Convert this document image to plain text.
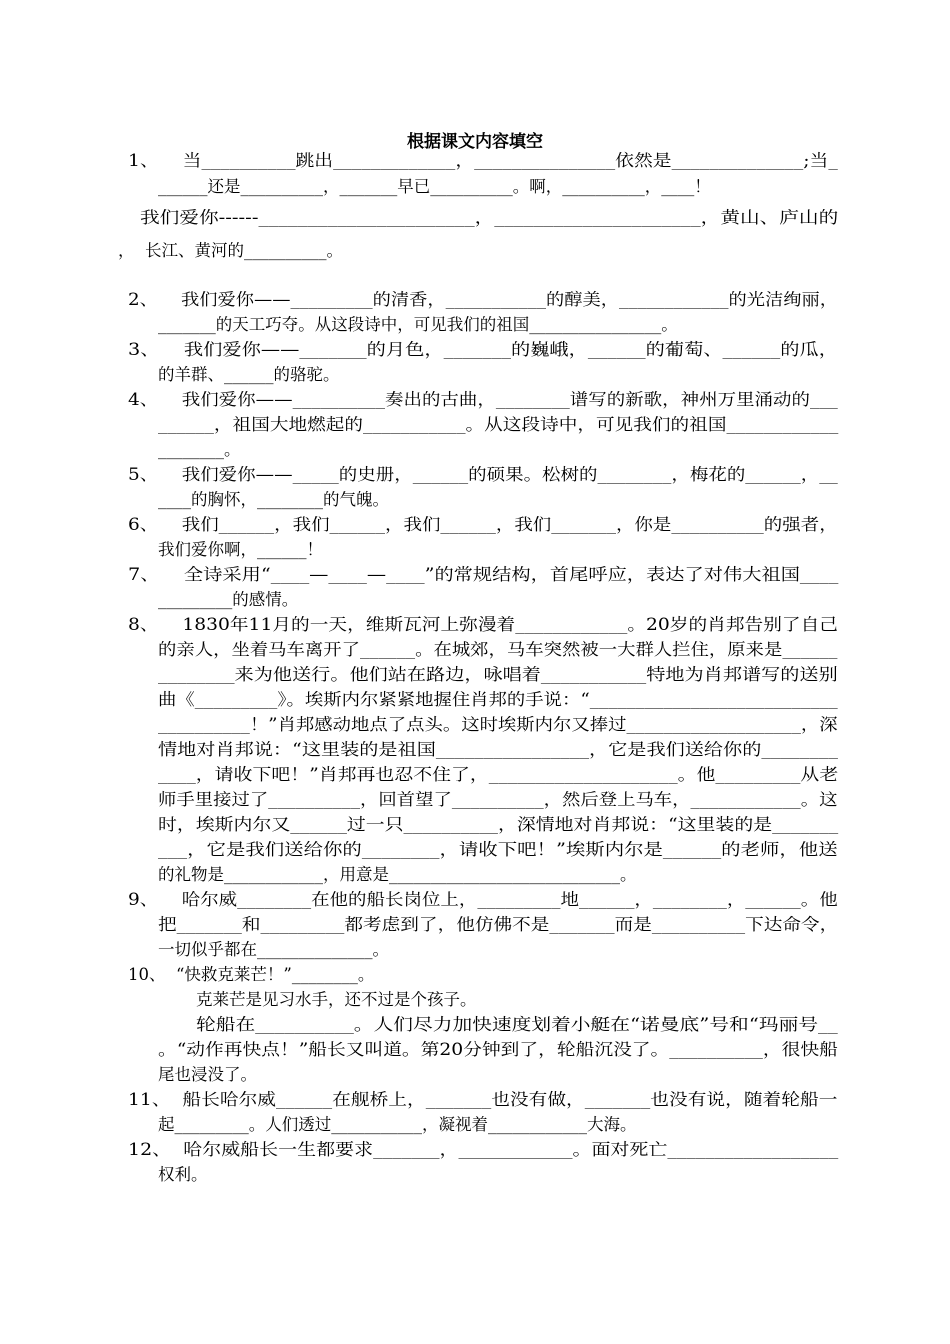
根据课文内容填空
1、    当__________跳出_____________，_______________依然是______________;当_
______还是__________，_______早已__________。啊，__________，____！
我们爱你------______________________，_____________________，黄山、庐山的
，  长江、黄河的__________。
2、    我们爱你——_________的清香，___________的醇美，____________的光洁绚丽，
_______的天工巧夺。从这段诗中，可见我们的祖国________________。
3、    我们爱你——_______的月色，_______的巍峨，______的葡萄、______的瓜，
的羊群、______的骆驼。
4、    我们爱你——__________奏出的古曲，________谱写的新歌，神州万里涌动的___
______，祖国大地燃起的___________。从这段诗中，可见我们的祖国____________
________。
5、    我们爱你——_____的史册，______的硕果。松树的________，梅花的______，__
____的胸怀，________的气魄。
6、    我们______，我们______，我们______，我们_______，你是__________的强者，
我们爱你啊，______！
7、    全诗采用“____—____—____”的常规结构，首尾呼应，表达了对伟大祖国____
_________的感情。
8、    1830年11月的一天，维斯瓦河上弥漫着____________。20岁的肖邦告别了自己
的亲人，坐着马车离开了______。在城郊，马车突然被一大群人拦住，原来是______
________来为他送行。他们站在路边，咏唱着___________特地为肖邦谱写的送别
曲《_________》。埃斯内尔紧紧地握住肖邦的手说：“___________________________
__________！”肖邦感动地点了点头。这时埃斯内尔又捧过___________________，深
情地对肖邦说：“这里装的是祖国________________，它是我们送给你的________
____，请收下吧！”肖邦再也忍不住了，____________________。他_________从老
师手里接过了__________，回首望了__________，然后登上马车，____________。这
时，埃斯内尔又______过一只__________，深情地对肖邦说：“这里装的是_______
___，它是我们送给你的________，请收下吧！”埃斯内尔是______的老师，他送
的礼物是____________，用意是____________________________。
9、    哈尔威________在他的船长岗位上，_________地______，________，______。他
把_______和_________都考虑到了，他仿佛不是_______而是__________下达命令，
一切似乎都在______________。
10、  “快救克莱芒！”________。
克莱芒是见习水手，还不过是个孩子。
轮船在__________。人们尽力加快速度划着小艇在“诺曼底”号和“玛丽号__
。“动作再快点！”船长又叫道。第20分钟到了，轮船沉没了。__________，很快船
尾也浸没了。
11、  船长哈尔威______在舰桥上，_______也没有做，_______也没有说，随着轮船一
起_________。人们透过___________，凝视着____________大海。
12、  哈尔威船长一生都要求_______，____________。面对死亡__________________
权利。
